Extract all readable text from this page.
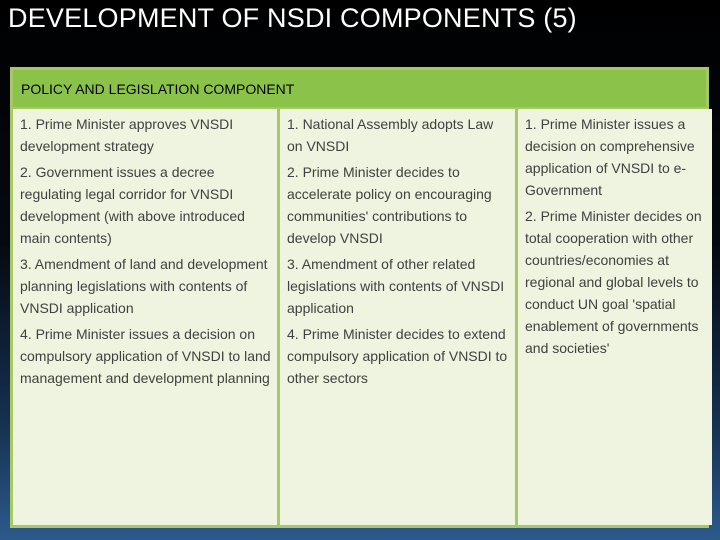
DEVELOPMENT OF NSDI COMPONENTS (5)
POLICY AND LEGISLATION COMPONENT

1. Prime Minister approves VNSDI development strategy

2. Government issues a decree regulating legal corridor for VNSDI development (with above introduced main contents)

3. Amendment of land and development planning legislations with contents of VNSDI application

4. Prime Minister issues a decision on compulsory application of VNSDI to land management and development planning

1. National Assembly adopts Law on VNSDI

2. Prime Minister decides to accelerate policy on encouraging communities' contributions to develop VNSDI

3. Amendment of other related legislations with contents of VNSDI application

4. Prime Minister decides to extend compulsory application of VNSDI to other sectors

1. Prime Minister issues a decision on comprehensive application of VNSDI to e-Government

2. Prime Minister decides on total cooperation with other countries/economies at regional and global levels to conduct UN goal 'spatial enablement of governments and societies'
